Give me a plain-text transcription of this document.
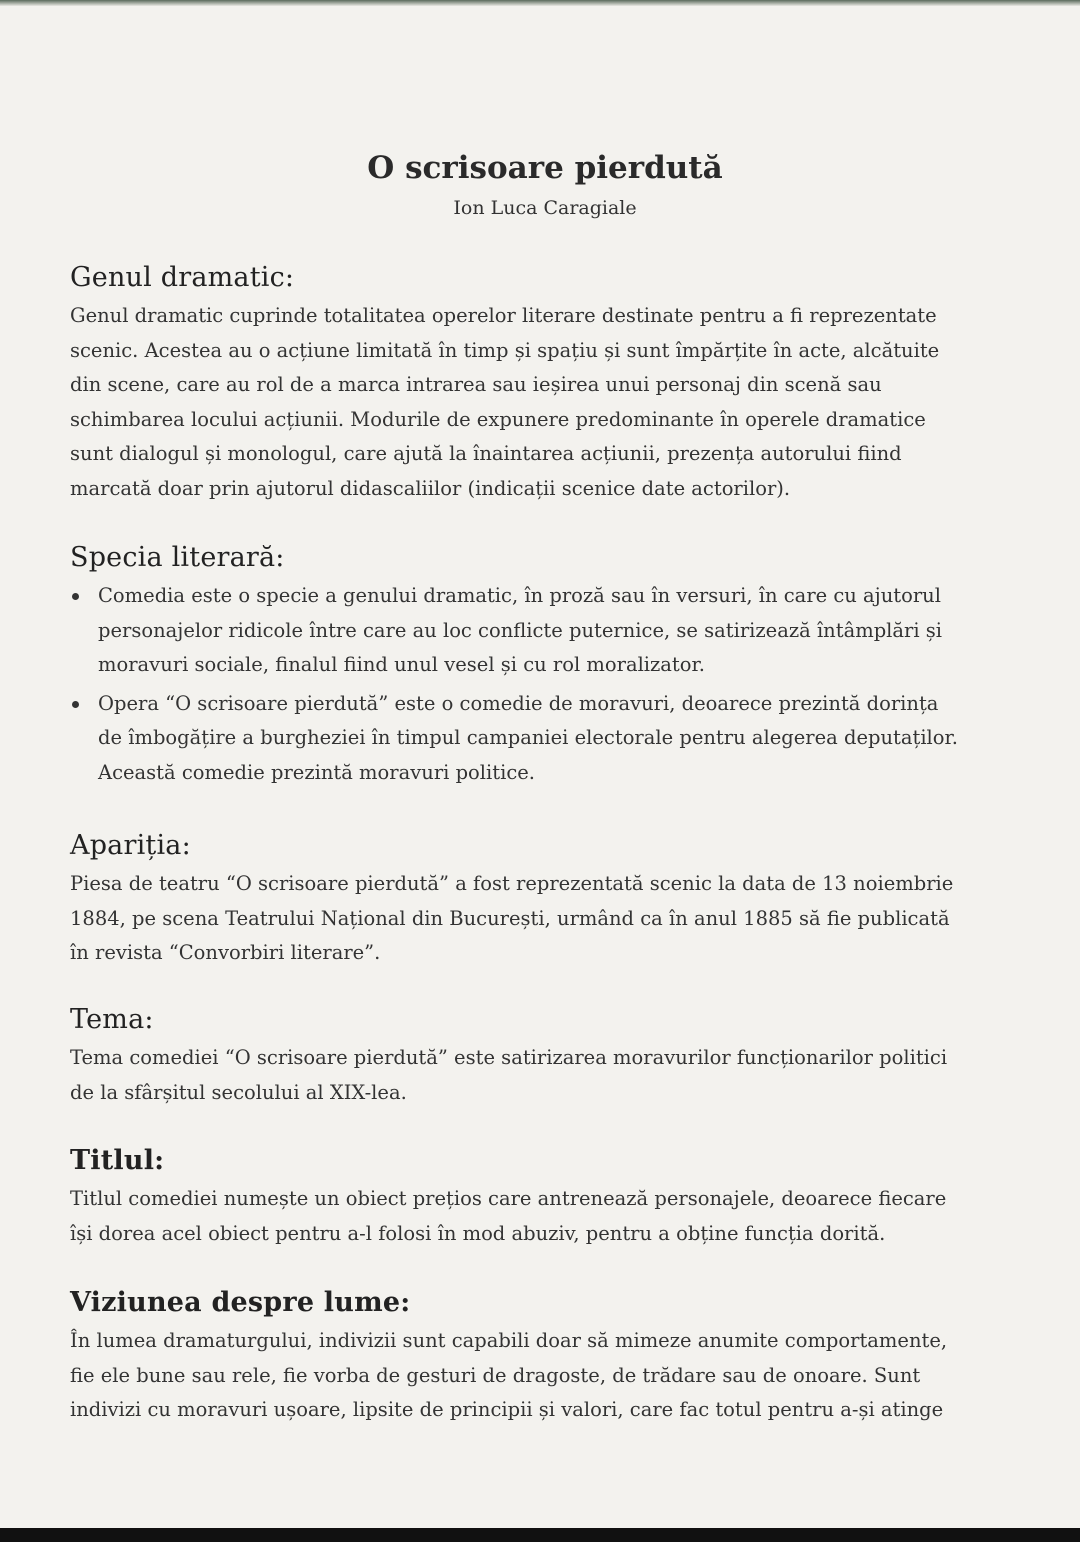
O scrisoare pierdută
Ion Luca Caragiale
Genul dramatic:
Genul dramatic cuprinde totalitatea operelor literare destinate pentru a fi reprezentate
scenic. Acestea au o acțiune limitată în timp și spațiu și sunt împărțite în acte, alcătuite
din scene, care au rol de a marca intrarea sau ieșirea unui personaj din scenă sau
schimbarea locului acțiunii. Modurile de expunere predominante în operele dramatice
sunt dialogul și monologul, care ajută la înaintarea acțiunii, prezența autorului fiind
marcată doar prin ajutorul didascaliilor (indicații scenice date actorilor).
Specia literară:
Comedia este o specie a genului dramatic, în proză sau în versuri, în care cu ajutorul
personajelor ridicole între care au loc conflicte puternice, se satirizează întâmplări și
moravuri sociale, finalul fiind unul vesel și cu rol moralizator.
Opera “O scrisoare pierdută” este o comedie de moravuri, deoarece prezintă dorința
de îmbogățire a burgheziei în timpul campaniei electorale pentru alegerea deputaților.
Această comedie prezintă moravuri politice.
Apariția:
Piesa de teatru “O scrisoare pierdută” a fost reprezentată scenic la data de 13 noiembrie
1884, pe scena Teatrului Național din București, urmând ca în anul 1885 să fie publicată
în revista “Convorbiri literare”.
Tema:
Tema comediei “O scrisoare pierdută” este satirizarea moravurilor funcționarilor politici
de la sfârșitul secolului al XIX-lea.
Titlul:
Titlul comediei numește un obiect prețios care antrenează personajele, deoarece fiecare
își dorea acel obiect pentru a-l folosi în mod abuziv, pentru a obține funcția dorită.
Viziunea despre lume:
În lumea dramaturgului, indivizii sunt capabili doar să mimeze anumite comportamente,
fie ele bune sau rele, fie vorba de gesturi de dragoste, de trădare sau de onoare. Sunt
indivizi cu moravuri ușoare, lipsite de principii și valori, care fac totul pentru a-și atinge
